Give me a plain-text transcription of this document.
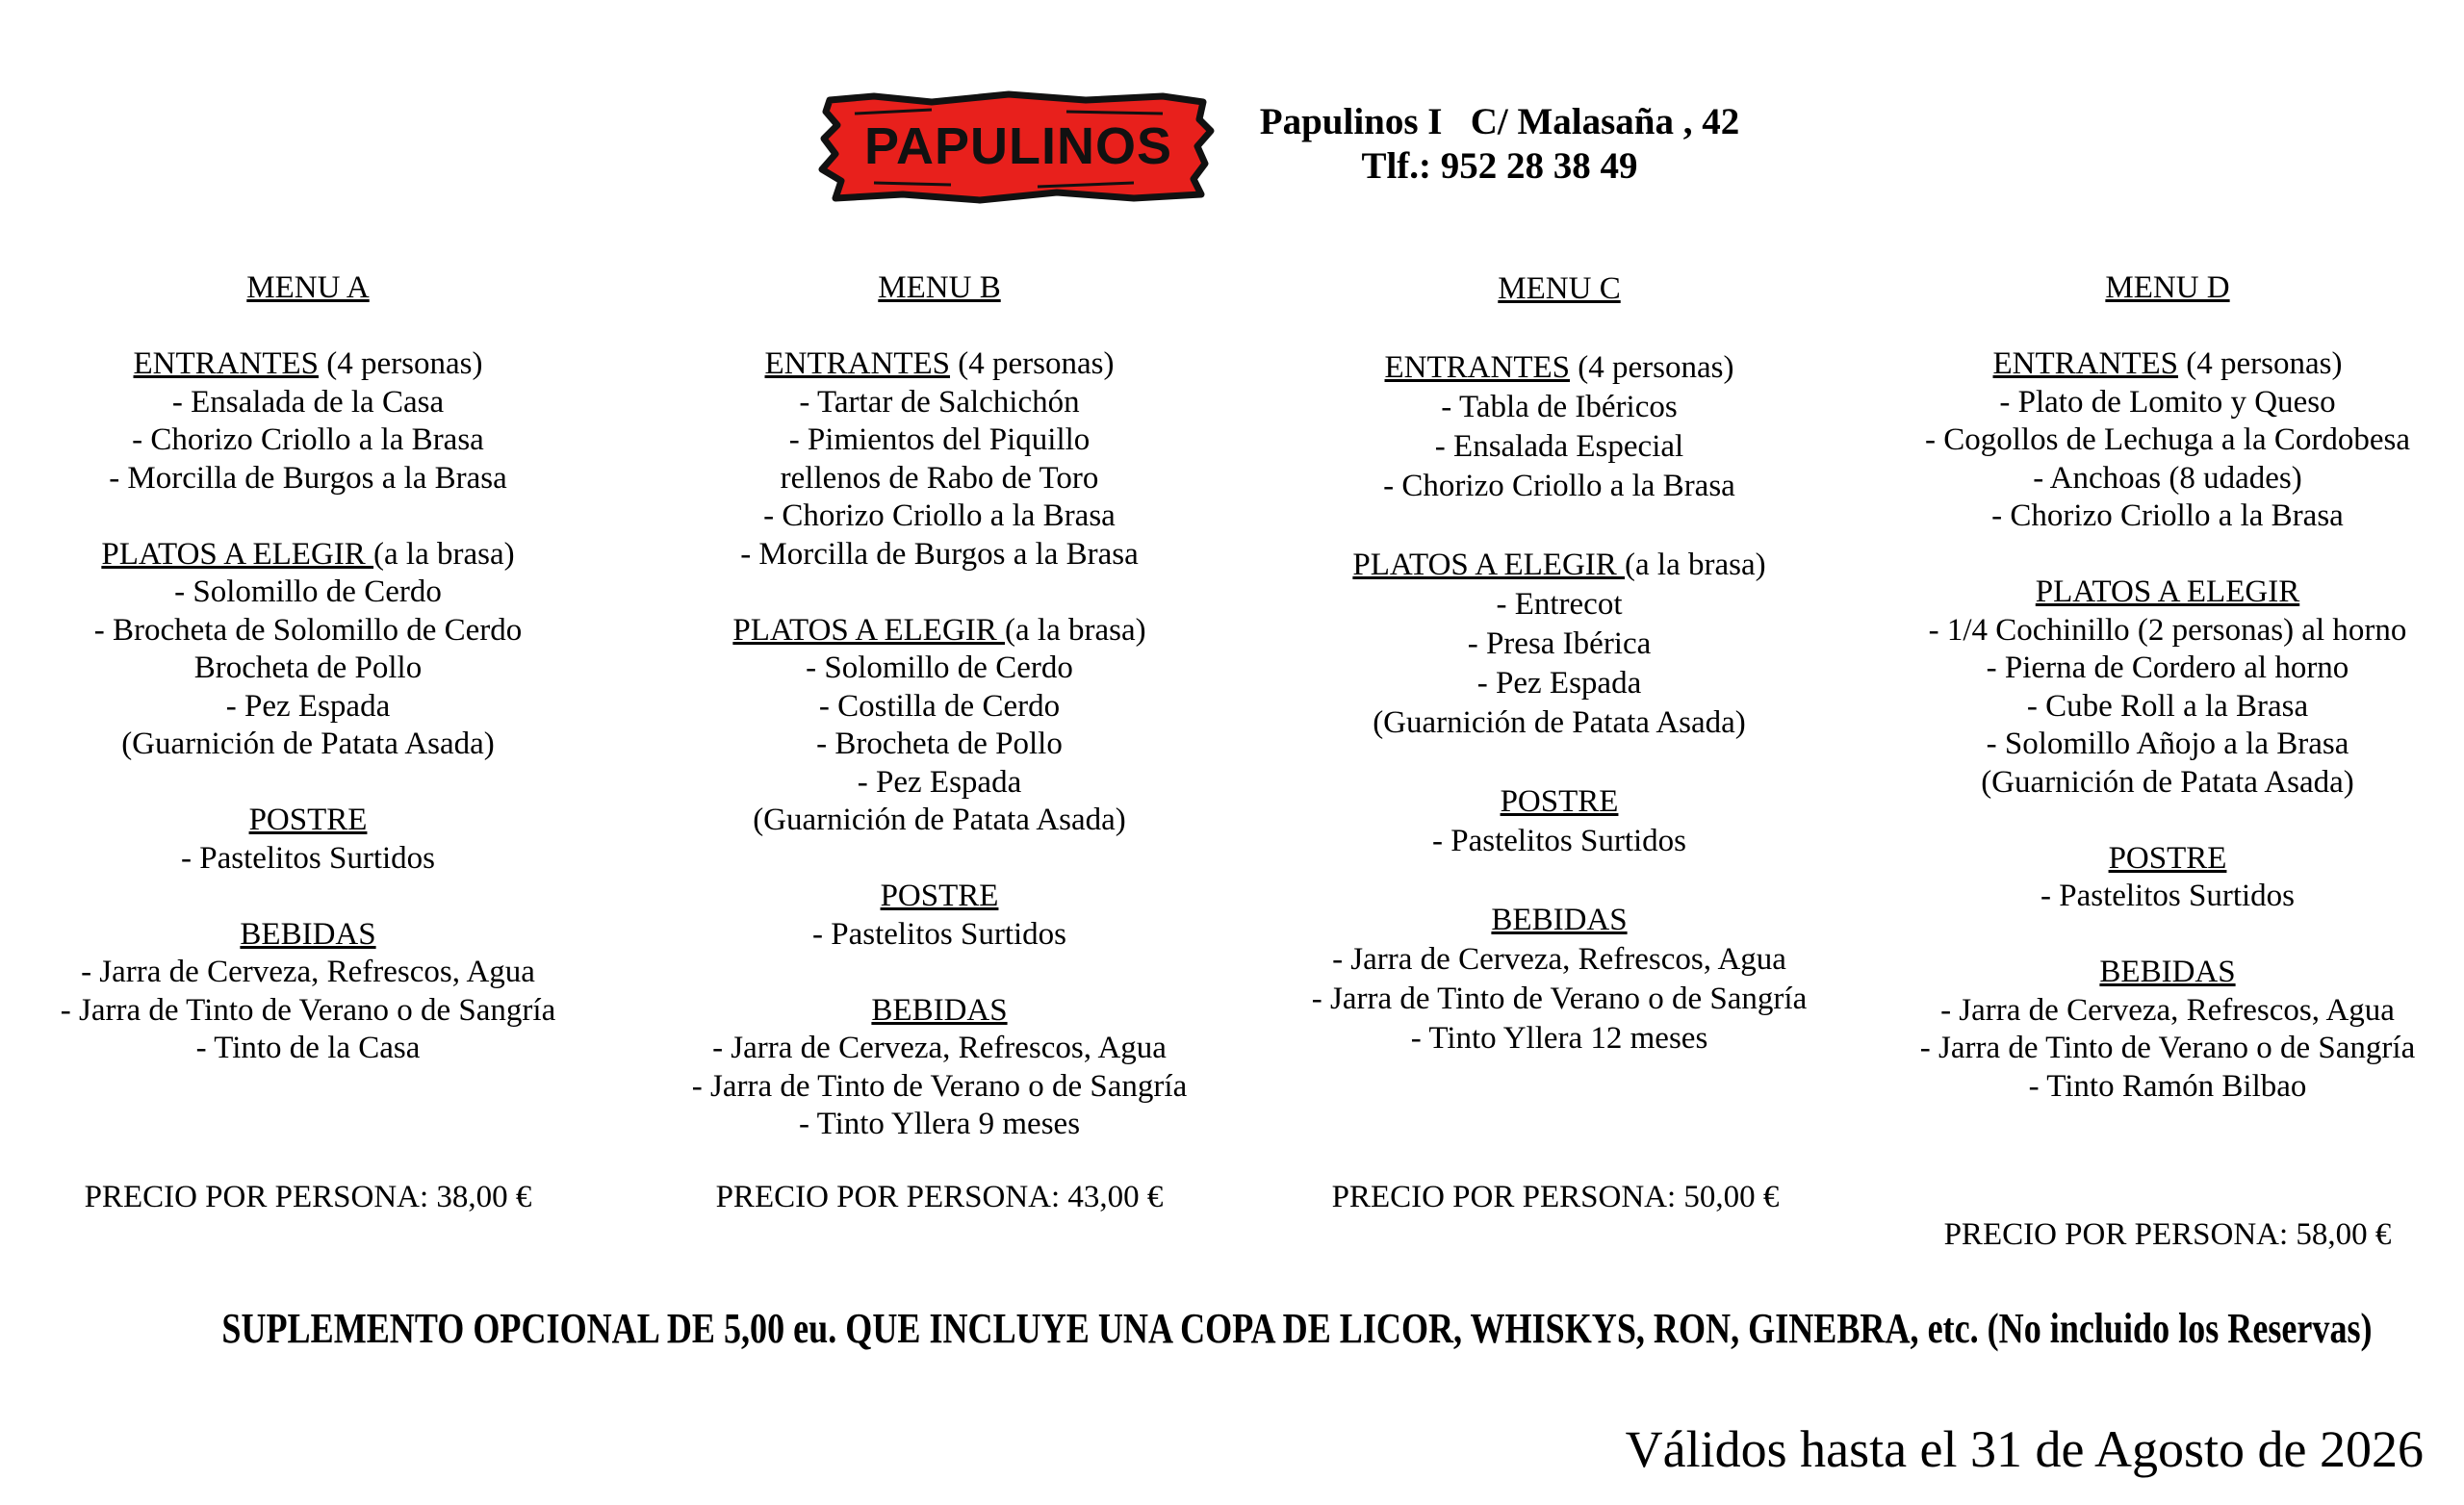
PAPULINOS Papulinos I   C/ Malasaña , 42
Tlf.: 952 28 38 49
MENU A
ENTRANTES (4 personas)
- Ensalada de la Casa
- Chorizo Criollo a la Brasa
- Morcilla de Burgos a la Brasa
PLATOS A ELEGIR (a la brasa)
- Solomillo de Cerdo
- Brocheta de Solomillo de Cerdo
Brocheta de Pollo
- Pez Espada
(Guarnición de Patata Asada)
POSTRE
- Pastelitos Surtidos
BEBIDAS
- Jarra de Cerveza, Refrescos, Agua
- Jarra de Tinto de Verano o de Sangría
- Tinto de la Casa
MENU B
ENTRANTES (4 personas)
- Tartar de Salchichón
- Pimientos del Piquillo
rellenos de Rabo de Toro
- Chorizo Criollo a la Brasa
- Morcilla de Burgos a la Brasa
PLATOS A ELEGIR (a la brasa)
- Solomillo de Cerdo
- Costilla de Cerdo
- Brocheta de Pollo
- Pez Espada
(Guarnición de Patata Asada)
POSTRE
- Pastelitos Surtidos
BEBIDAS
- Jarra de Cerveza, Refrescos, Agua
- Jarra de Tinto de Verano o de Sangría
- Tinto Yllera 9 meses
MENU C
ENTRANTES (4 personas)
- Tabla de Ibéricos
- Ensalada Especial
- Chorizo Criollo a la Brasa
PLATOS A ELEGIR (a la brasa)
- Entrecot
- Presa Ibérica
- Pez Espada
(Guarnición de Patata Asada)
POSTRE
- Pastelitos Surtidos
BEBIDAS
- Jarra de Cerveza, Refrescos, Agua
- Jarra de Tinto de Verano o de Sangría
- Tinto Yllera 12 meses
MENU D
ENTRANTES (4 personas)
- Plato de Lomito y Queso
- Cogollos de Lechuga a la Cordobesa
- Anchoas (8 udades)
- Chorizo Criollo a la Brasa
PLATOS A ELEGIR
- 1/4 Cochinillo (2 personas) al horno
- Pierna de Cordero al horno
- Cube Roll a la Brasa
- Solomillo Añojo a la Brasa
(Guarnición de Patata Asada)
POSTRE
- Pastelitos Surtidos
BEBIDAS
- Jarra de Cerveza, Refrescos, Agua
- Jarra de Tinto de Verano o de Sangría
- Tinto Ramón Bilbao
PRECIO POR PERSONA: 38,00 €	PRECIO POR PERSONA: 43,00 €	PRECIO POR PERSONA: 50,00 €
PRECIO POR PERSONA: 58,00 €
SUPLEMENTO OPCIONAL DE 5,00 eu. QUE INCLUYE UNA COPA DE LICOR, WHISKYS, RON, GINEBRA, etc. (No incluido los Reservas)
Válidos hasta el 31 de Agosto de 2026
